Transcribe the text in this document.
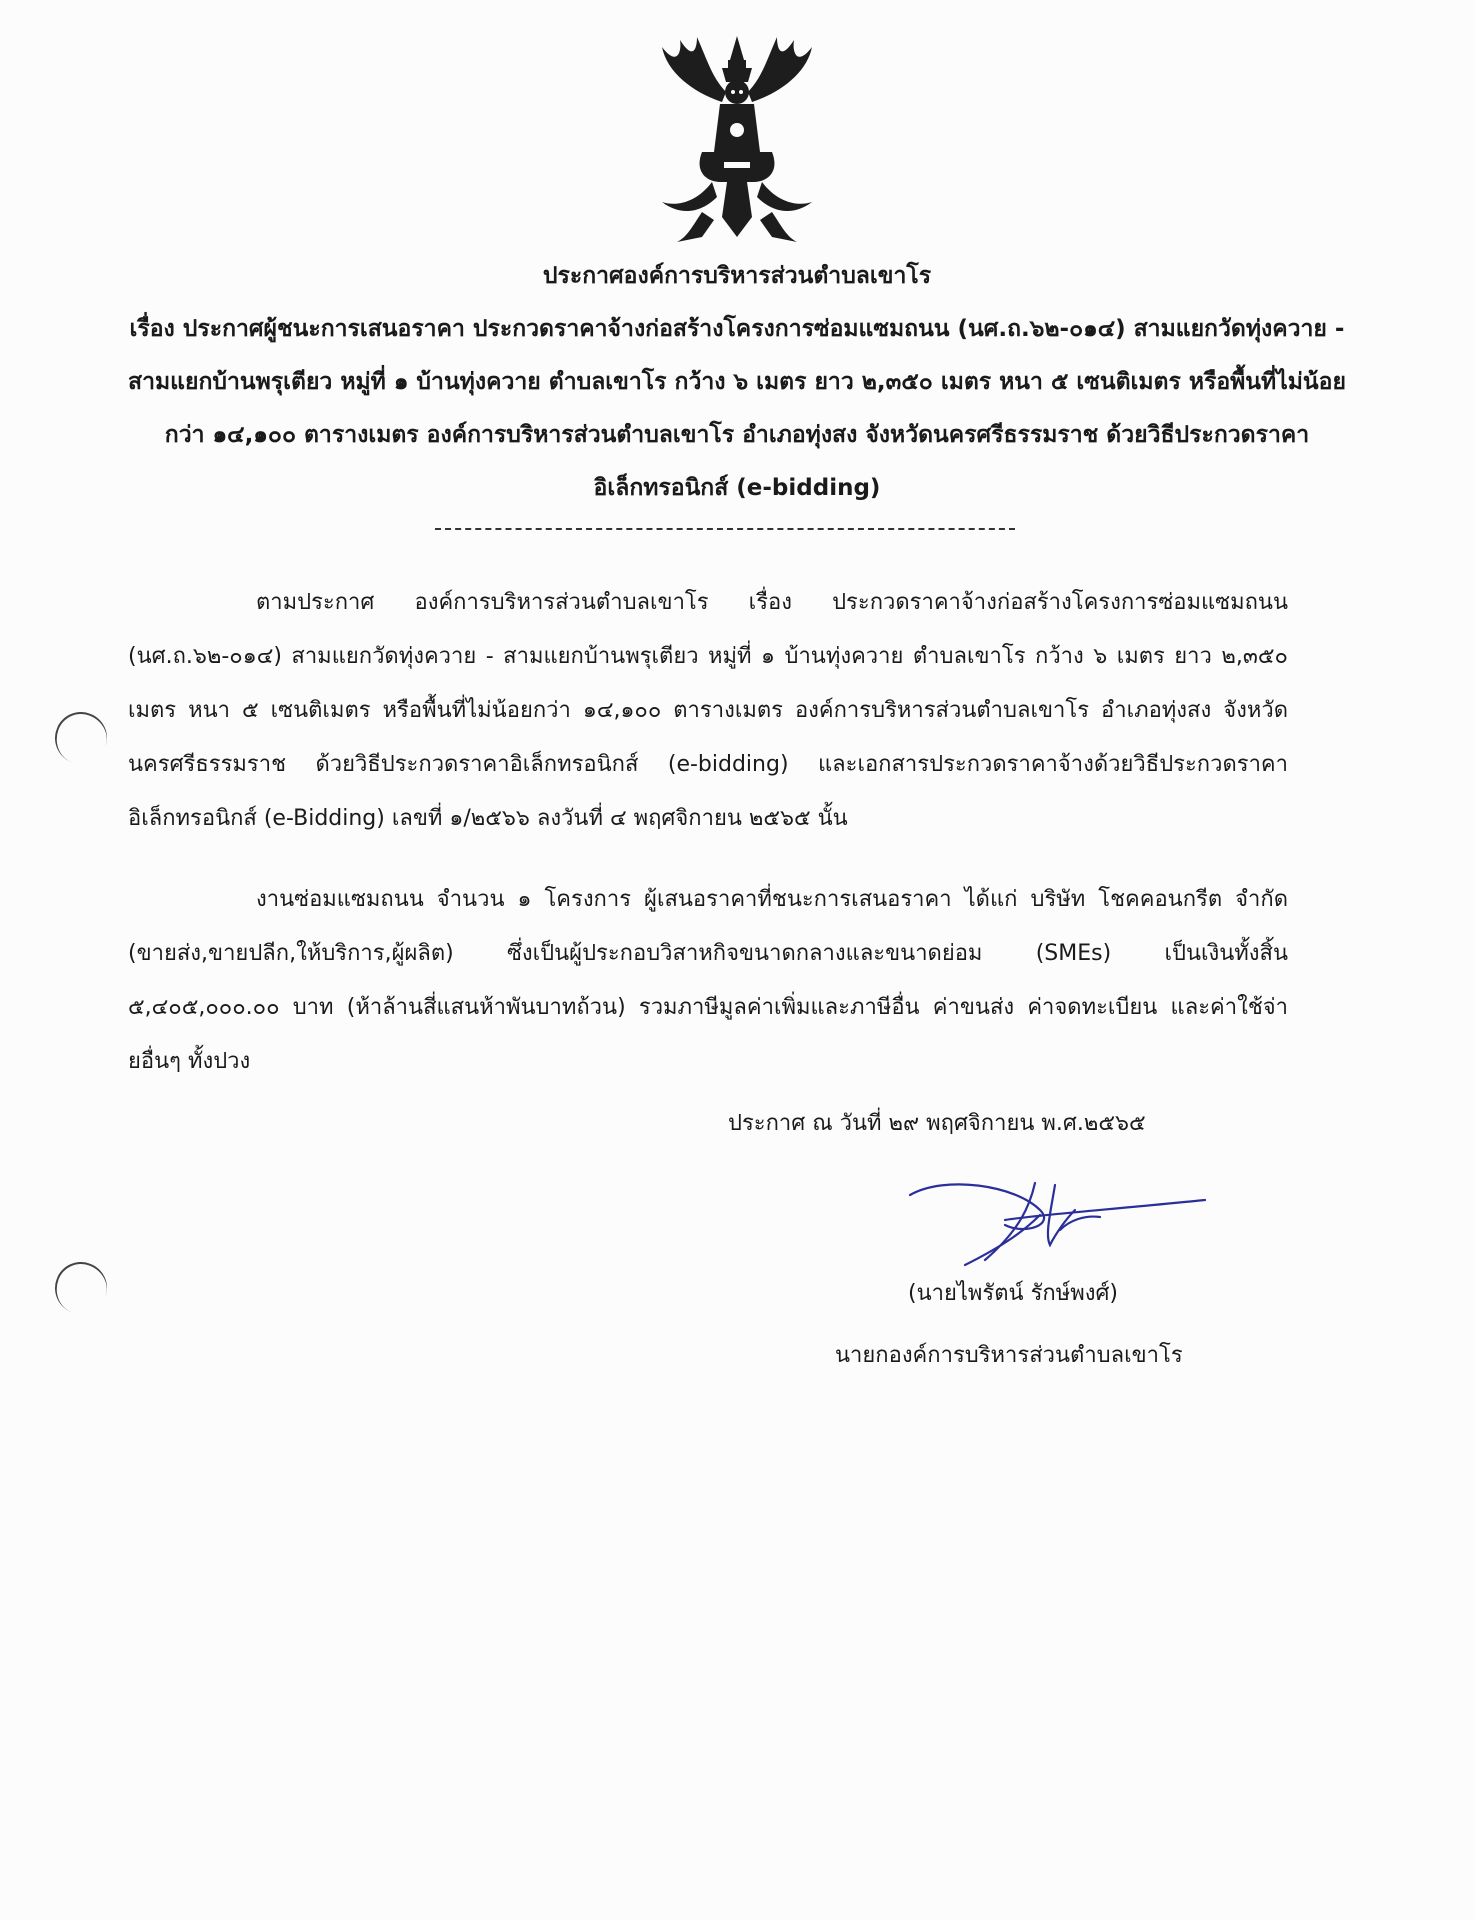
ประกาศองค์การบริหารส่วนตำบลเขาโร
เรื่อง ประกาศผู้ชนะการเสนอราคา ประกวดราคาจ้างก่อสร้างโครงการซ่อมแซมถนน (นศ.ถ.๖๒-๐๑๔) สามแยกวัดทุ่งควาย - สามแยกบ้านพรุเตียว หมู่ที่ ๑ บ้านทุ่งควาย ตำบลเขาโร กว้าง ๖ เมตร ยาว ๒,๓๕๐ เมตร หนา ๕ เซนติเมตร หรือพื้นที่ไม่น้อยกว่า ๑๔,๑๐๐ ตารางเมตร องค์การบริหารส่วนตำบลเขาโร อำเภอทุ่งสง จังหวัดนครศรีธรรมราช ด้วยวิธีประกวดราคาอิเล็กทรอนิกส์ (e-bidding)
ตามประกาศ องค์การบริหารส่วนตำบลเขาโร เรื่อง ประกวดราคาจ้างก่อสร้างโครงการซ่อมแซมถนน (นศ.ถ.๖๒-๐๑๔) สามแยกวัดทุ่งควาย - สามแยกบ้านพรุเตียว หมู่ที่ ๑ บ้านทุ่งควาย ตำบลเขาโร กว้าง ๖ เมตร ยาว ๒,๓๕๐ เมตร หนา ๕ เซนติเมตร หรือพื้นที่ไม่น้อยกว่า ๑๔,๑๐๐ ตารางเมตร องค์การบริหารส่วนตำบลเขาโร อำเภอทุ่งสง จังหวัดนครศรีธรรมราช ด้วยวิธีประกวดราคาอิเล็กทรอนิกส์ (e-bidding) และเอกสารประกวดราคาจ้างด้วยวิธีประกวดราคาอิเล็กทรอนิกส์ (e-Bidding) เลขที่ ๑/๒๕๖๖ ลงวันที่ ๔ พฤศจิกายน ๒๕๖๕ นั้น
งานซ่อมแซมถนน จำนวน ๑ โครงการ ผู้เสนอราคาที่ชนะการเสนอราคา ได้แก่ บริษัท โชคคอนกรีต จำกัด (ขายส่ง,ขายปลีก,ให้บริการ,ผู้ผลิต) ซึ่งเป็นผู้ประกอบวิสาหกิจขนาดกลางและขนาดย่อม (SMEs) เป็นเงินทั้งสิ้น ๕,๔๐๕,๐๐๐.๐๐ บาท (ห้าล้านสี่แสนห้าพันบาทถ้วน) รวมภาษีมูลค่าเพิ่มและภาษีอื่น ค่าขนส่ง ค่าจดทะเบียน และค่าใช้จ่ายอื่นๆ ทั้งปวง
ประกาศ ณ วันที่ ๒๙ พฤศจิกายน พ.ศ.๒๕๖๕
(นายไพรัตน์ รักษ์พงศ์)
นายกองค์การบริหารส่วนตำบลเขาโร
